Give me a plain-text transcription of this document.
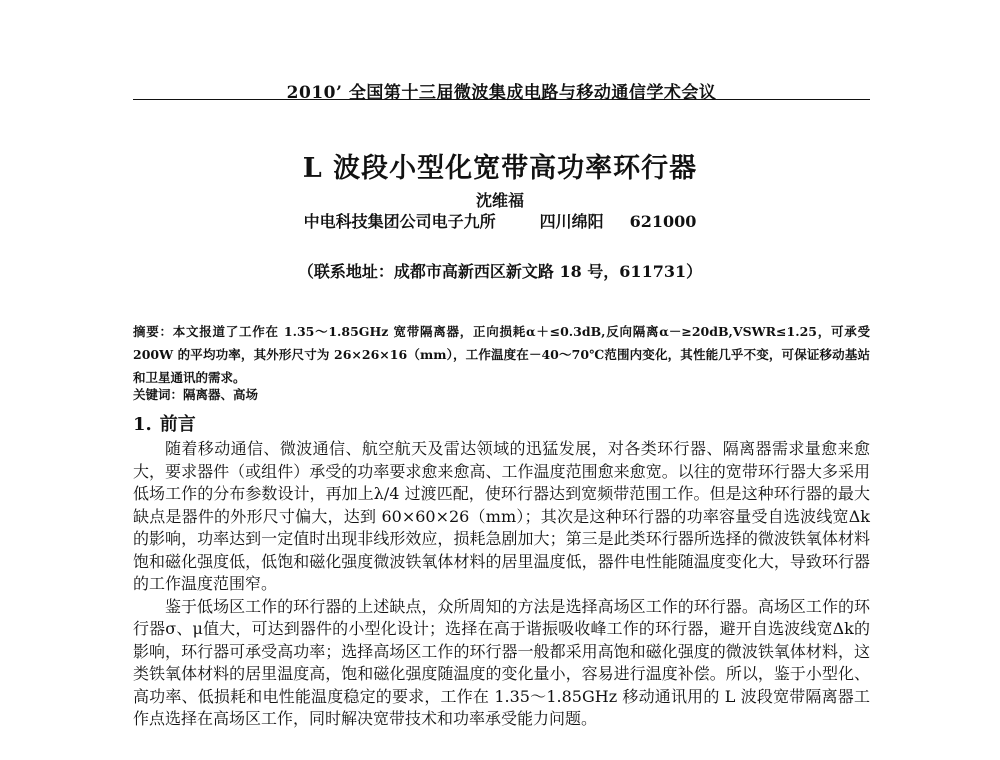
2010’ 全国第十三届微波集成电路与移动通信学术会议
L 波段小型化宽带高功率环行器
沈维福
中电科技集团公司电子九所	四川绵阳 621000
（联系地址：成都市高新西区新文路 18 号，611731）
摘要：本文报道了工作在 1.35～1.85GHz 宽带隔离器，正向损耗α＋≤0.3dB,反向隔离α－≥20dB,VSWR≤1.25，可承受 200W 的平均功率，其外形尺寸为 26×26×16（mm），工作温度在－40～70℃范围内变化，其性能几乎不变，可保证移动基站和卫星通讯的需求。
关键词：隔离器、高场
1. 前言

随着移动通信、微波通信、航空航天及雷达领域的迅猛发展，对各类环行器、隔离器需求量愈来愈大，要求器件（或组件）承受的功率要求愈来愈高、工作温度范围愈来愈宽。以往的宽带环行器大多采用低场工作的分布参数设计，再加上λ/4 过渡匹配，使环行器达到宽频带范围工作。但是这种环行器的最大缺点是器件的外形尺寸偏大，达到 60×60×26（mm）；其次是这种环行器的功率容量受自选波线宽Δk的影响，功率达到一定值时出现非线形效应，损耗急剧加大；第三是此类环行器所选择的微波铁氧体材料饱和磁化强度低，低饱和磁化强度微波铁氧体材料的居里温度低，器件电性能随温度变化大，导致环行器的工作温度范围窄。

鉴于低场区工作的环行器的上述缺点，众所周知的方法是选择高场区工作的环行器。高场区工作的环行器σ、μ值大，可达到器件的小型化设计；选择在高于谐振吸收峰工作的环行器，避开自选波线宽Δk的影响，环行器可承受高功率；选择高场区工作的环行器一般都采用高饱和磁化强度的微波铁氧体材料，这类铁氧体材料的居里温度高，饱和磁化强度随温度的变化量小，容易进行温度补偿。所以，鉴于小型化、高功率、低损耗和电性能温度稳定的要求，工作在 1.35～1.85GHz 移动通讯用的 L 波段宽带隔离器工作点选择在高场区工作，同时解决宽带技术和功率承受能力问题。
